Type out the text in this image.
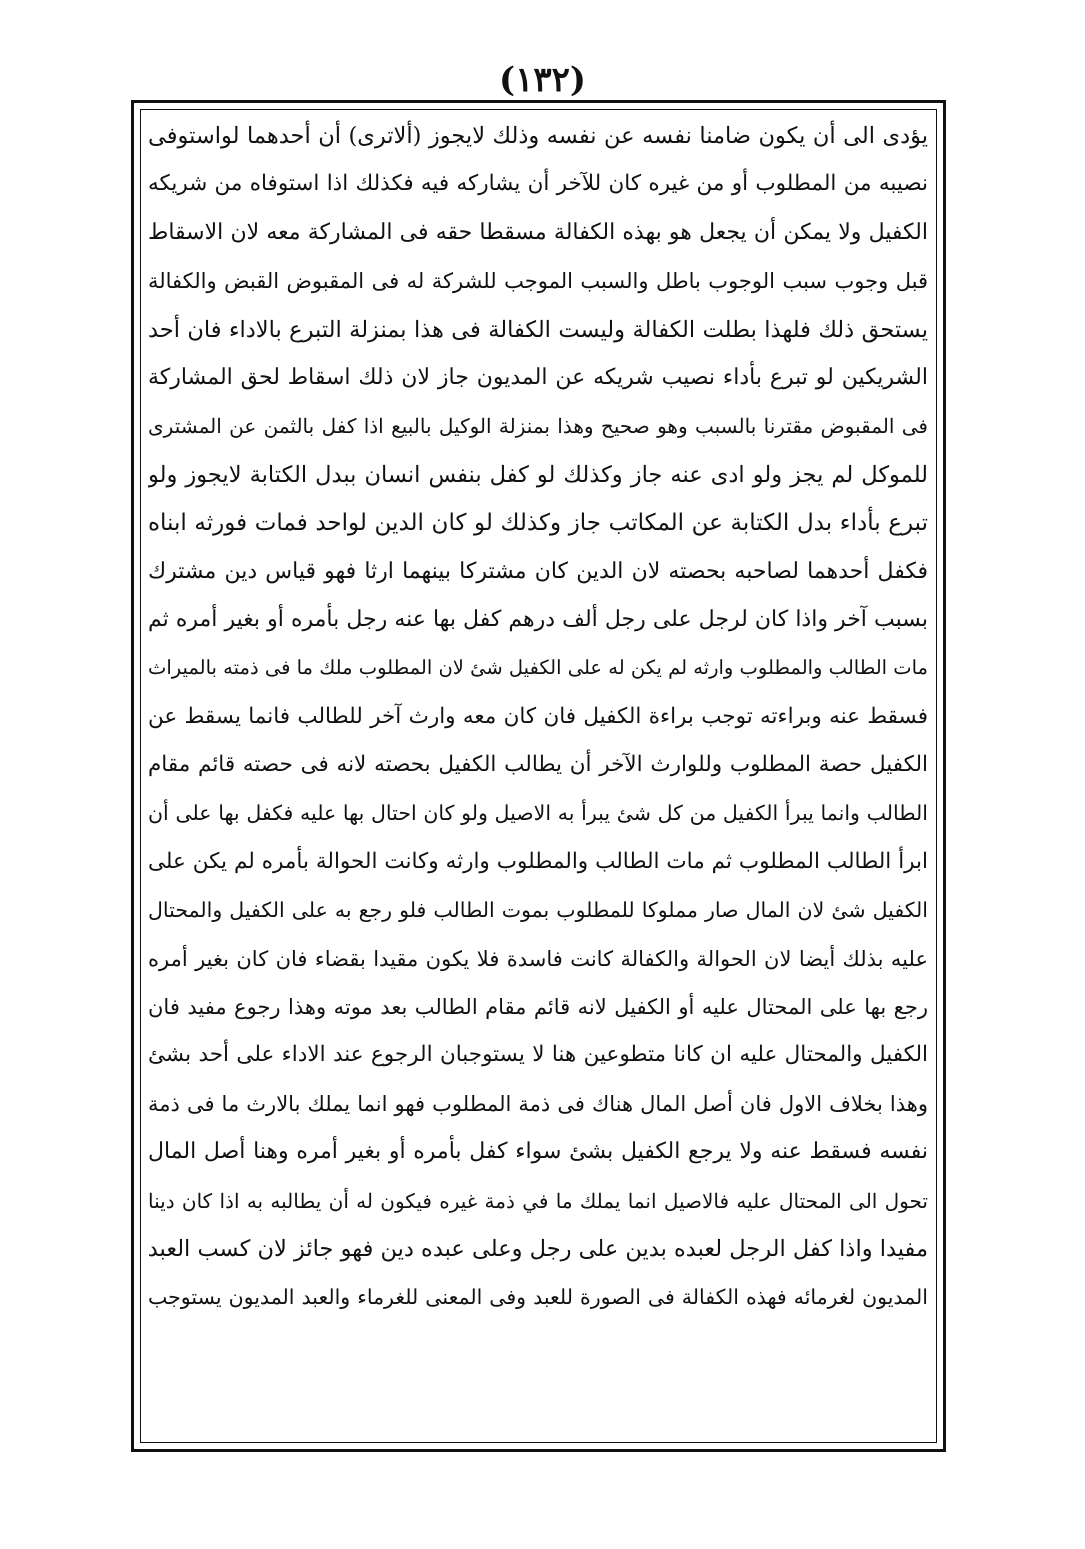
(١٣٢)
يؤدى الى أن يكون ضامنا نفسه عن نفسه وذلك لايجوز (ألاترى) أن أحدهما لواستوفى
نصيبه من المطلوب أو من غيره كان للآخر أن يشاركه فيه فكذلك اذا استوفاه من شريكه
الكفيل ولا يمكن أن يجعل هو بهذه الكفالة مسقطا حقه فى المشاركة معه لان الاسقاط
قبل وجوب سبب الوجوب باطل والسبب الموجب للشركة له فى المقبوض القبض والكفالة
يستحق ذلك فلهذا بطلت الكفالة وليست الكفالة فى هذا بمنزلة التبرع بالاداء فان أحد
الشريكين لو تبرع بأداء نصيب شريكه عن المديون جاز لان ذلك اسقاط لحق المشاركة
فى المقبوض مقترنا بالسبب وهو صحيح وهذا بمنزلة الوكيل بالبيع اذا كفل بالثمن عن المشترى
للموكل لم يجز ولو ادى عنه جاز وكذلك لو كفل بنفس انسان ببدل الكتابة لايجوز ولو
تبرع بأداء بدل الكتابة عن المكاتب جاز وكذلك لو كان الدين لواحد فمات فورثه ابناه
فكفل أحدهما لصاحبه بحصته لان الدين كان مشتركا بينهما ارثا فهو قياس دين مشترك
بسبب آخر واذا كان لرجل على رجل ألف درهم كفل بها عنه رجل بأمره أو بغير أمره ثم
مات الطالب والمطلوب وارثه لم يكن له على الكفيل شئ لان المطلوب ملك ما فى ذمته بالميراث
فسقط عنه وبراءته توجب براءة الكفيل فان كان معه وارث آخر للطالب فانما يسقط عن
الكفيل حصة المطلوب وللوارث الآخر أن يطالب الكفيل بحصته لانه فى حصته قائم مقام
الطالب وانما يبرأ الكفيل من كل شئ يبرأ به الاصيل ولو كان احتال بها عليه فكفل بها على أن
ابرأ الطالب المطلوب ثم مات الطالب والمطلوب وارثه وكانت الحوالة بأمره لم يكن على
الكفيل شئ لان المال صار مملوكا للمطلوب بموت الطالب فلو رجع به على الكفيل والمحتال
عليه بذلك أيضا لان الحوالة والكفالة كانت فاسدة فلا يكون مقيدا بقضاء فان كان بغير أمره
رجع بها على المحتال عليه أو الكفيل لانه قائم مقام الطالب بعد موته وهذا رجوع مفيد فان
الكفيل والمحتال عليه ان كانا متطوعين هنا لا يستوجبان الرجوع عند الاداء على أحد بشئ
وهذا بخلاف الاول فان أصل المال هناك فى ذمة المطلوب فهو انما يملك بالارث ما فى ذمة
نفسه فسقط عنه ولا يرجع الكفيل بشئ سواء كفل بأمره أو بغير أمره وهنا أصل المال
تحول الى المحتال عليه فالاصيل انما يملك ما في ذمة غيره فيكون له أن يطالبه به اذا كان دينا
مفيدا واذا كفل الرجل لعبده بدين على رجل وعلى عبده دين فهو جائز لان كسب العبد
المديون لغرمائه فهذه الكفالة فى الصورة للعبد وفى المعنى للغرماء والعبد المديون يستوجب
